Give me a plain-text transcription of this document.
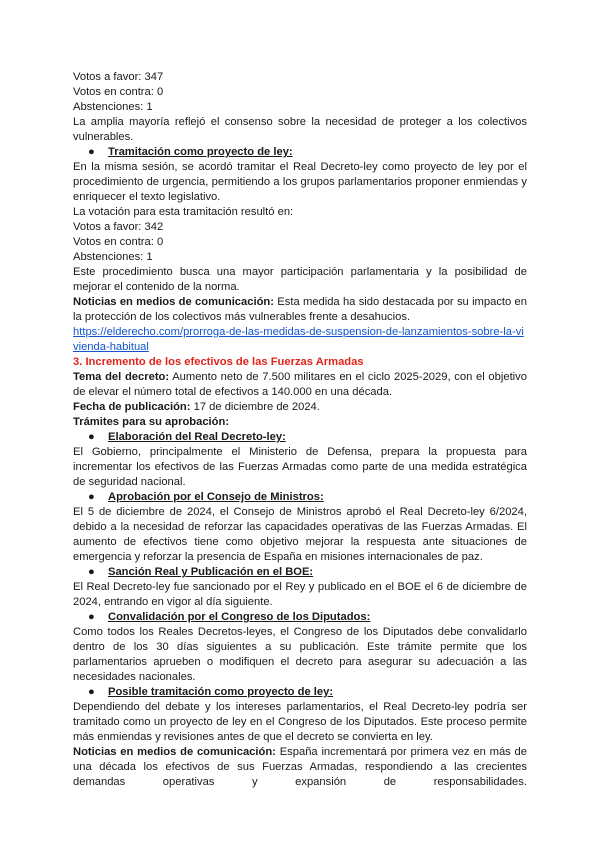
Votos a favor: 347

Votos en contra: 0

Abstenciones: 1

La amplia mayoría reflejó el consenso sobre la necesidad de proteger a los colectivos vulnerables.

●	Tramitación como proyecto de ley:

En la misma sesión, se acordó tramitar el Real Decreto-ley como proyecto de ley por el procedimiento de urgencia, permitiendo a los grupos parlamentarios proponer enmiendas y enriquecer el texto legislativo.

La votación para esta tramitación resultó en:

Votos a favor: 342

Votos en contra: 0

Abstenciones: 1

Este procedimiento busca una mayor participación parlamentaria y la posibilidad de mejorar el contenido de la norma.

Noticias en medios de comunicación: Esta medida ha sido destacada por su impacto en la protección de los colectivos más vulnerables frente a desahucios.

https://elderecho.com/prorroga-de-las-medidas-de-suspension-de-lanzamientos-sobre-la-vivienda-habitual

3. Incremento de los efectivos de las Fuerzas Armadas

Tema del decreto: Aumento neto de 7.500 militares en el ciclo 2025-2029, con el objetivo de elevar el número total de efectivos a 140.000 en una década.

Fecha de publicación: 17 de diciembre de 2024.

Trámites para su aprobación:

●	Elaboración del Real Decreto-ley:

El Gobierno, principalmente el Ministerio de Defensa, prepara la propuesta para incrementar los efectivos de las Fuerzas Armadas como parte de una medida estratégica de seguridad nacional.

●	Aprobación por el Consejo de Ministros:

El 5 de diciembre de 2024, el Consejo de Ministros aprobó el Real Decreto-ley 6/2024, debido a la necesidad de reforzar las capacidades operativas de las Fuerzas Armadas. El aumento de efectivos tiene como objetivo mejorar la respuesta ante situaciones de emergencia y reforzar la presencia de España en misiones internacionales de paz.

●	Sanción Real y Publicación en el BOE:

El Real Decreto-ley fue sancionado por el Rey y publicado en el BOE el 6 de diciembre de 2024, entrando en vigor al día siguiente.

●	Convalidación por el Congreso de los Diputados:

Como todos los Reales Decretos-leyes, el Congreso de los Diputados debe convalidarlo dentro de los 30 días siguientes a su publicación. Este trámite permite que los parlamentarios aprueben o modifiquen el decreto para asegurar su adecuación a las necesidades nacionales.

●	Posible tramitación como proyecto de ley:

Dependiendo del debate y los intereses parlamentarios, el Real Decreto-ley podría ser tramitado como un proyecto de ley en el Congreso de los Diputados. Este proceso permite más enmiendas y revisiones antes de que el decreto se convierta en ley.

Noticias en medios de comunicación: España incrementará por primera vez en más de una década los efectivos de sus Fuerzas Armadas, respondiendo a las crecientes demandas operativas y expansión de responsabilidades.
